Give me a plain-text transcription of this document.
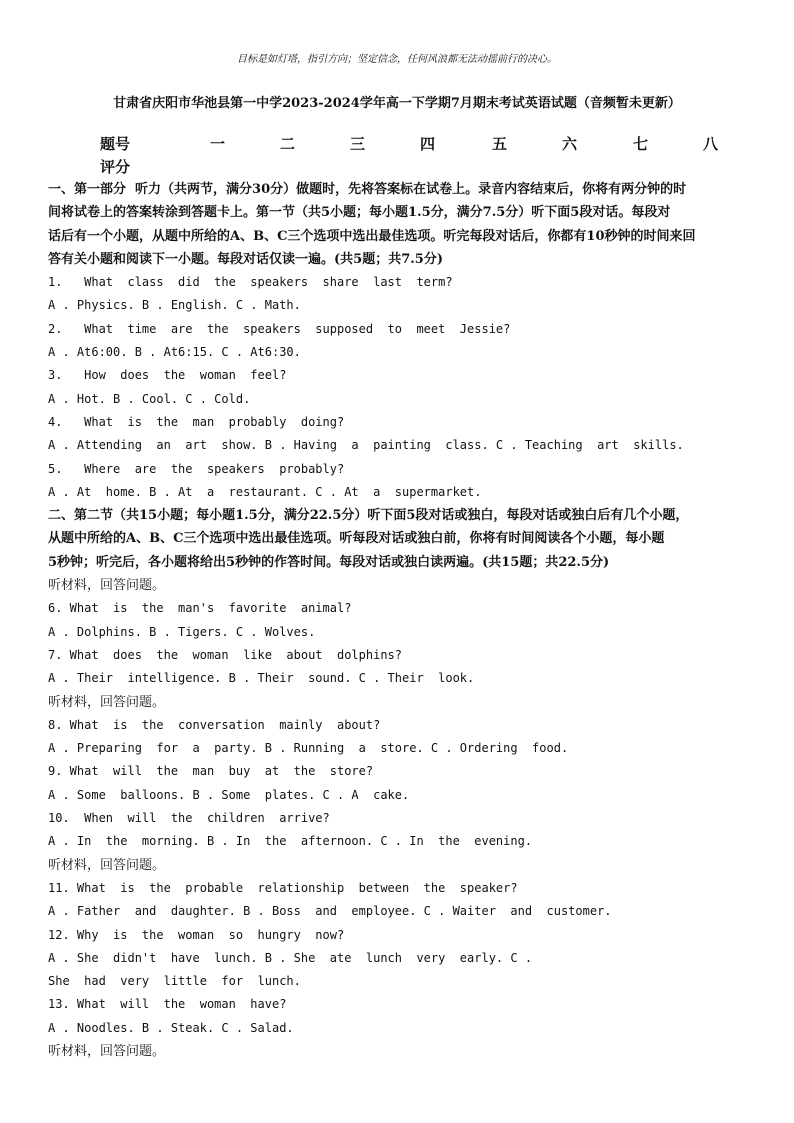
目标是如灯塔，指引方向；坚定信念，任何风浪都无法动摇前行的决心。
甘肃省庆阳市华池县第一中学2023-2024学年高一下学期7月期末考试英语试题（音频暂未更新）
题号	一	二	三	四	五	六	七	八
评分
一、第一部分  听力（共两节，满分30分）做题时，先将答案标在试卷上。录音内容结束后，你将有两分钟的时
间将试卷上的答案转涂到答题卡上。第一节（共5小题；每小题1.5分，满分7.5分）听下面5段对话。每段对
话后有一个小题，从题中所给的A、B、C三个选项中选出最佳选项。听完每段对话后，你都有10秒钟的时间来回
答有关小题和阅读下一小题。每段对话仅读一遍。(共5题；共7.5分)
1.   What  class  did  the  speakers  share  last  term?
A . Physics. B . English. C . Math.
2.   What  time  are  the  speakers  supposed  to  meet  Jessie?
A . At6:00. B . At6:15. C . At6:30.
3.   How  does  the  woman  feel?
A . Hot. B . Cool. C . Cold.
4.   What  is  the  man  probably  doing?
A . Attending  an  art  show. B . Having  a  painting  class. C . Teaching  art  skills.
5.   Where  are  the  speakers  probably?
A . At  home. B . At  a  restaurant. C . At  a  supermarket.
二、第二节（共15小题；每小题1.5分，满分22.5分）听下面5段对话或独白，每段对话或独白后有几个小题，
从题中所给的A、B、C三个选项中选出最佳选项。听每段对话或独白前，你将有时间阅读各个小题，每小题
5秒钟；听完后，各小题将给出5秒钟的作答时间。每段对话或独白读两遍。(共15题；共22.5分)
听材料，回答问题。
6. What  is  the  man's  favorite  animal?
A . Dolphins. B . Tigers. C . Wolves.
7. What  does  the  woman  like  about  dolphins?
A . Their  intelligence. B . Their  sound. C . Their  look.
听材料，回答问题。
8. What  is  the  conversation  mainly  about?
A . Preparing  for  a  party. B . Running  a  store. C . Ordering  food.
9. What  will  the  man  buy  at  the  store?
A . Some  balloons. B . Some  plates. C . A  cake.
10.  When  will  the  children  arrive?
A . In  the  morning. B . In  the  afternoon. C . In  the  evening.
听材料，回答问题。
11. What  is  the  probable  relationship  between  the  speaker?
A . Father  and  daughter. B . Boss  and  employee. C . Waiter  and  customer.
12. Why  is  the  woman  so  hungry  now?
A . She  didn't  have  lunch. B . She  ate  lunch  very  early. C .
She  had  very  little  for  lunch.
13. What  will  the  woman  have?
A . Noodles. B . Steak. C . Salad.
听材料，回答问题。
